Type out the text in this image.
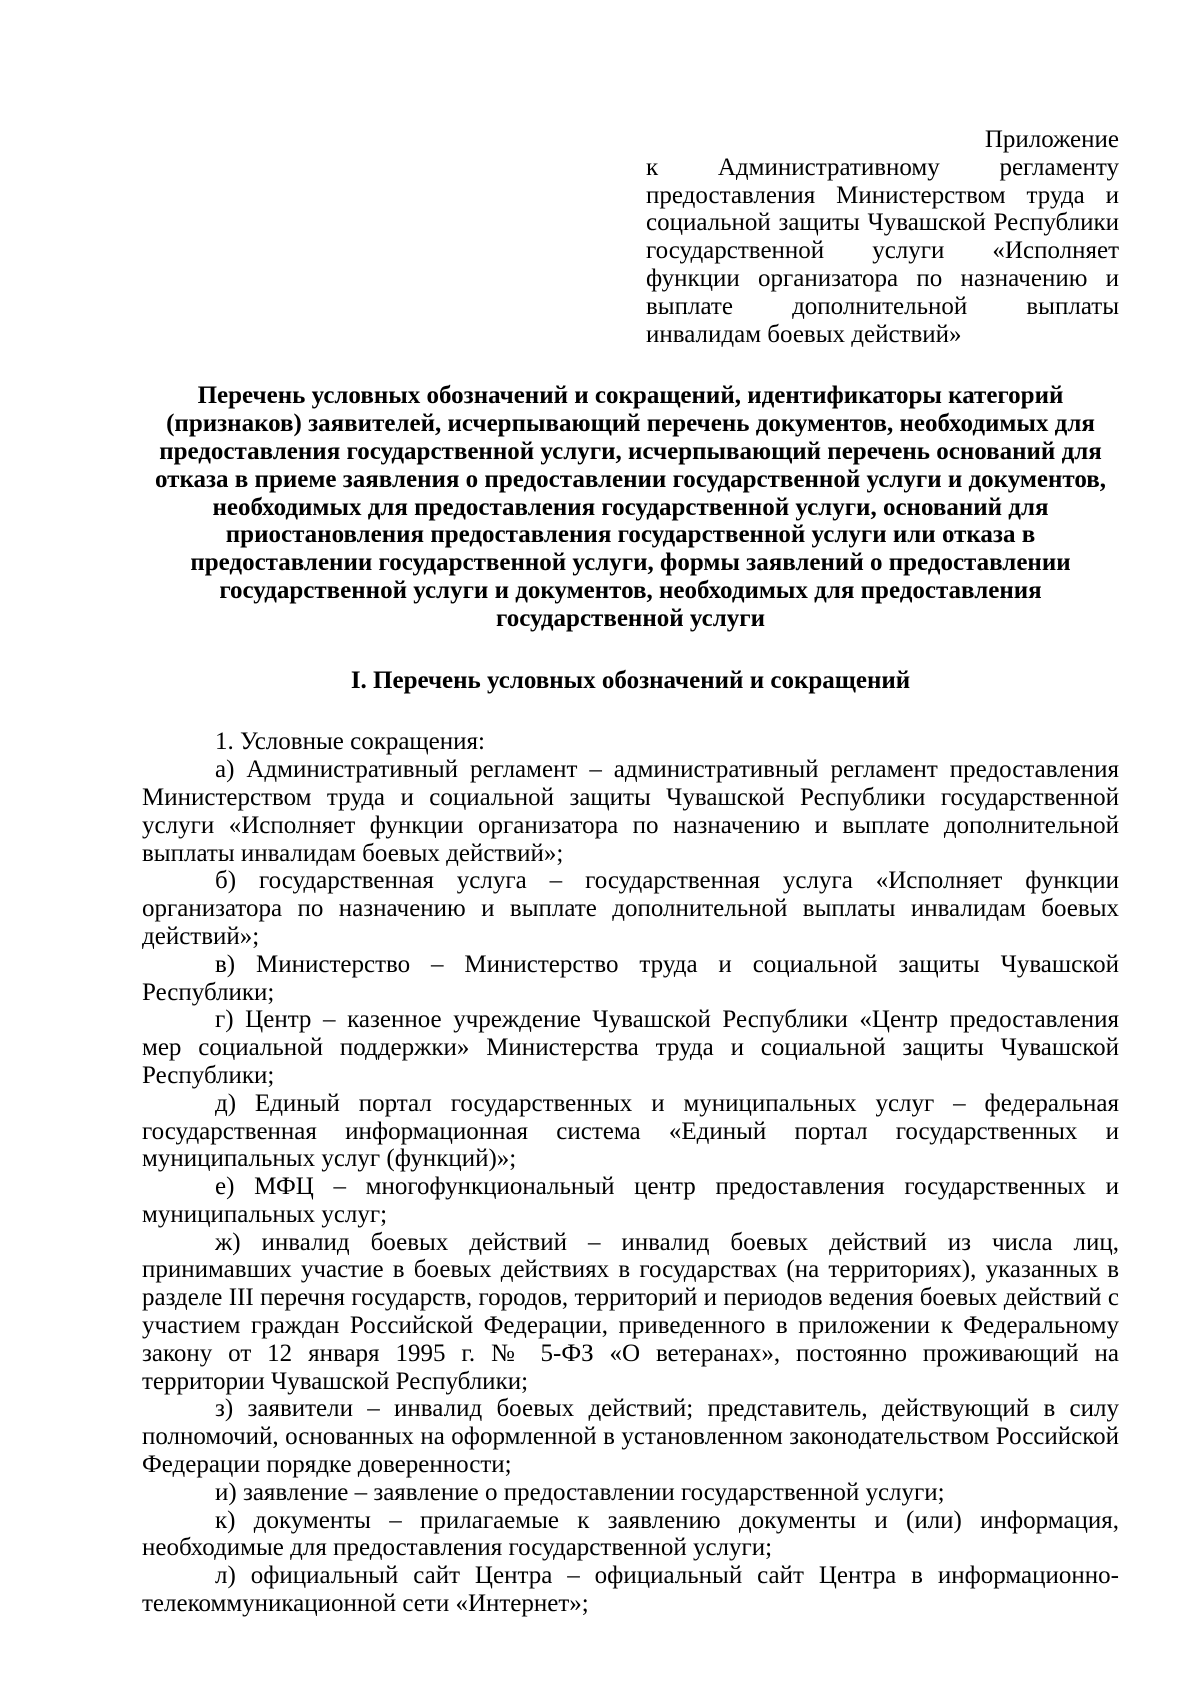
Приложение
к Административному регламенту предоставления Министерством труда и социальной защиты Чувашской Республики государственной услуги «Исполняет функции организатора по назначению и выплате дополнительной выплаты инвалидам боевых действий»
Перечень условных обозначений и сокращений, идентификаторы категорий (признаков) заявителей, исчерпывающий перечень документов, необходимых для предоставления государственной услуги, исчерпывающий перечень оснований для отказа в приеме заявления о предоставлении государственной услуги и документов, необходимых для предоставления государственной услуги, оснований для приостановления предоставления государственной услуги или отказа в предоставлении государственной услуги, формы заявлений о предоставлении государственной услуги и документов, необходимых для предоставления государственной услуги
I. Перечень условных обозначений и сокращений

1. Условные сокращения:

а) Административный регламент – административный регламент предоставления Министерством труда и социальной защиты Чувашской Республики государственной услуги «Исполняет функции организатора по назначению и выплате дополнительной выплаты инвалидам боевых действий»;

б) государственная услуга – государственная услуга «Исполняет функции организатора по назначению и выплате дополнительной выплаты инвалидам боевых действий»;

в) Министерство – Министерство труда и социальной защиты Чувашской Республики;

г) Центр – казенное учреждение Чувашской Республики «Центр предоставления мер социальной поддержки» Министерства труда и социальной защиты Чувашской Республики;

д) Единый портал государственных и муниципальных услуг – федеральная государственная информационная система «Единый портал государственных и муниципальных услуг (функций)»;

е) МФЦ – многофункциональный центр предоставления государственных и муниципальных услуг;

ж) инвалид боевых действий – инвалид боевых действий из числа лиц, принимавших участие в боевых действиях в государствах (на территориях), указанных в разделе III перечня государств, городов, территорий и периодов ведения боевых действий с участием граждан Российской Федерации, приведенного в приложении к Федеральному закону от 12 января 1995 г. № 5-ФЗ «О ветеранах», постоянно проживающий на территории Чувашской Республики;

з) заявители – инвалид боевых действий; представитель, действующий в силу полномочий, основанных на оформленной в установленном законодательством Российской Федерации порядке доверенности;

и) заявление – заявление о предоставлении государственной услуги;

к) документы – прилагаемые к заявлению документы и (или) информация, необходимые для предоставления государственной услуги;

л) официальный сайт Центра – официальный сайт Центра в информационно-телекоммуникационной сети «Интернет»;
